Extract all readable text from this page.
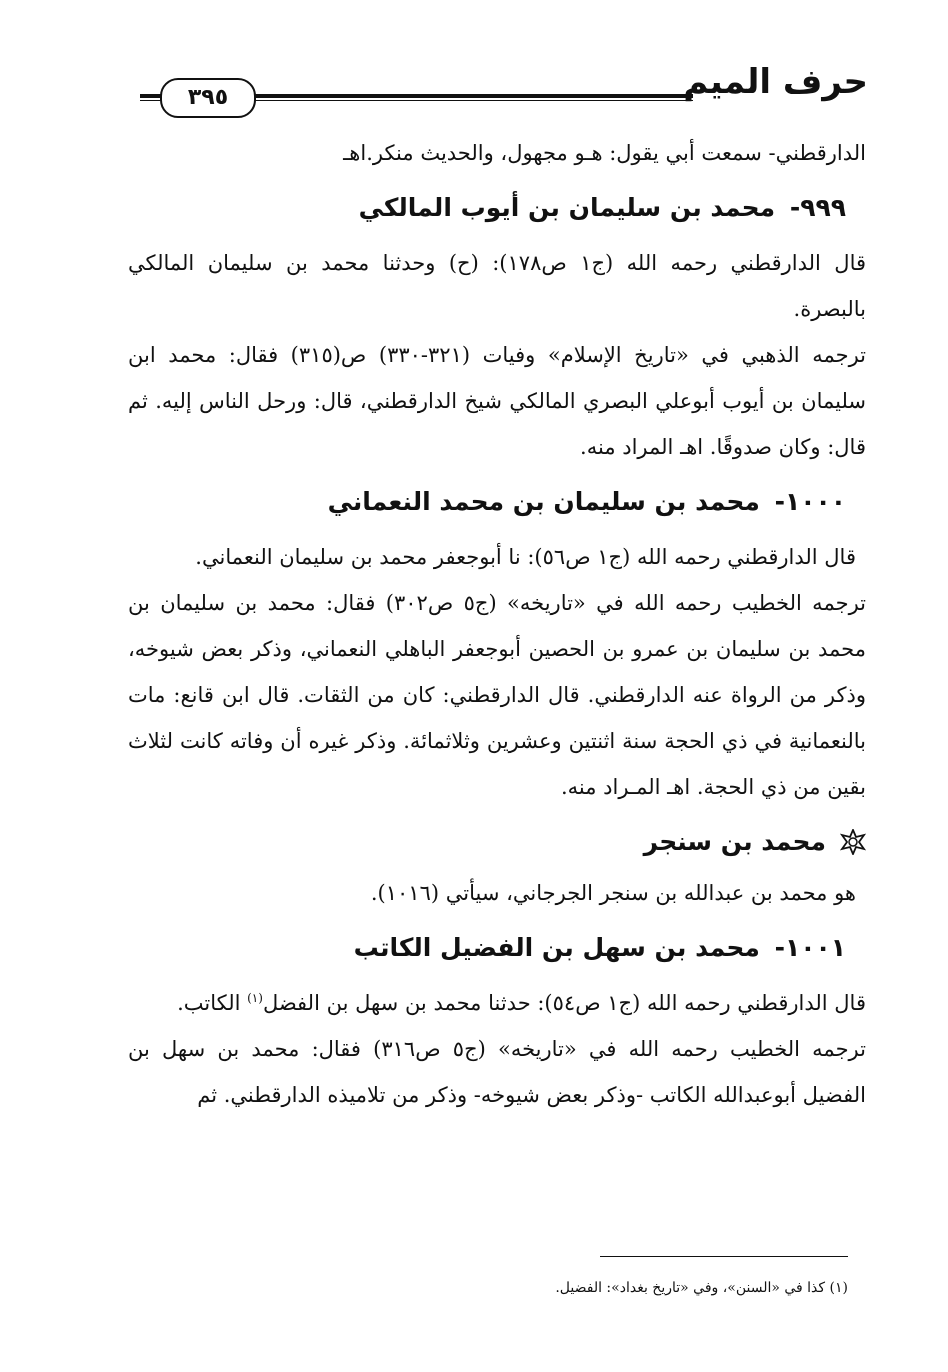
حرف الميم
٣٩٥

الدارقطني- سمعت أبي يقول: هـو مجهول، والحديث منكر.اهـ

٩٩٩- محمد بن سليمان بن أيوب المالكي

قال الدارقطني رحمه الله (ج١ ص١٧٨): (ح) وحدثنا محمد بن سليمان المالكي بالبصرة.

ترجمه الذهبي في «تاريخ الإسلام» وفيات (٣٢١-٣٣٠) ص(٣١٥) فقال: محمد ابن سليمان بن أيوب أبوعلي البصري المالكي شيخ الدارقطني، قال: ورحل الناس إليه. ثم قال: وكان صدوقًا. اهـ المراد منه.

١٠٠٠- محمد بن سليمان بن محمد النعماني

قال الدارقطني رحمه الله (ج١ ص٥٦): نا أبوجعفر محمد بن سليمان النعماني.

ترجمه الخطيب رحمه الله في «تاريخه» (ج٥ ص٣٠٢) فقال: محمد بن سليمان بن محمد بن سليمان بن عمرو بن الحصين أبوجعفر الباهلي النعماني، وذكر بعض شيوخه، وذكر من الرواة عنه الدارقطني. قال الدارقطني: كان من الثقات. قال ابن قانع: مات بالنعمانية في ذي الحجة سنة اثنتين وعشرين وثلاثمائة. وذكر غيره أن وفاته كانت لثلاث بقين من ذي الحجة. اهـ المـراد منه.

محمد بن سنجر

هو محمد بن عبدالله بن سنجر الجرجاني، سيأتي (١٠١٦).

١٠٠١- محمد بن سهل بن الفضيل الكاتب

قال الدارقطني رحمه الله (ج١ ص٥٤): حدثنا محمد بن سهل بن الفضل$^{(١)}$ الكاتب.

ترجمه الخطيب رحمه الله في «تاريخه» (ج٥ ص٣١٦) فقال: محمد بن سهل بن الفضيل أبوعبدالله الكاتب -وذكر بعض شيوخه- وذكر من تلاميذه الدارقطني. ثم

(١) كذا في «السنن»، وفي «تاريخ بغداد»: الفضيل.
